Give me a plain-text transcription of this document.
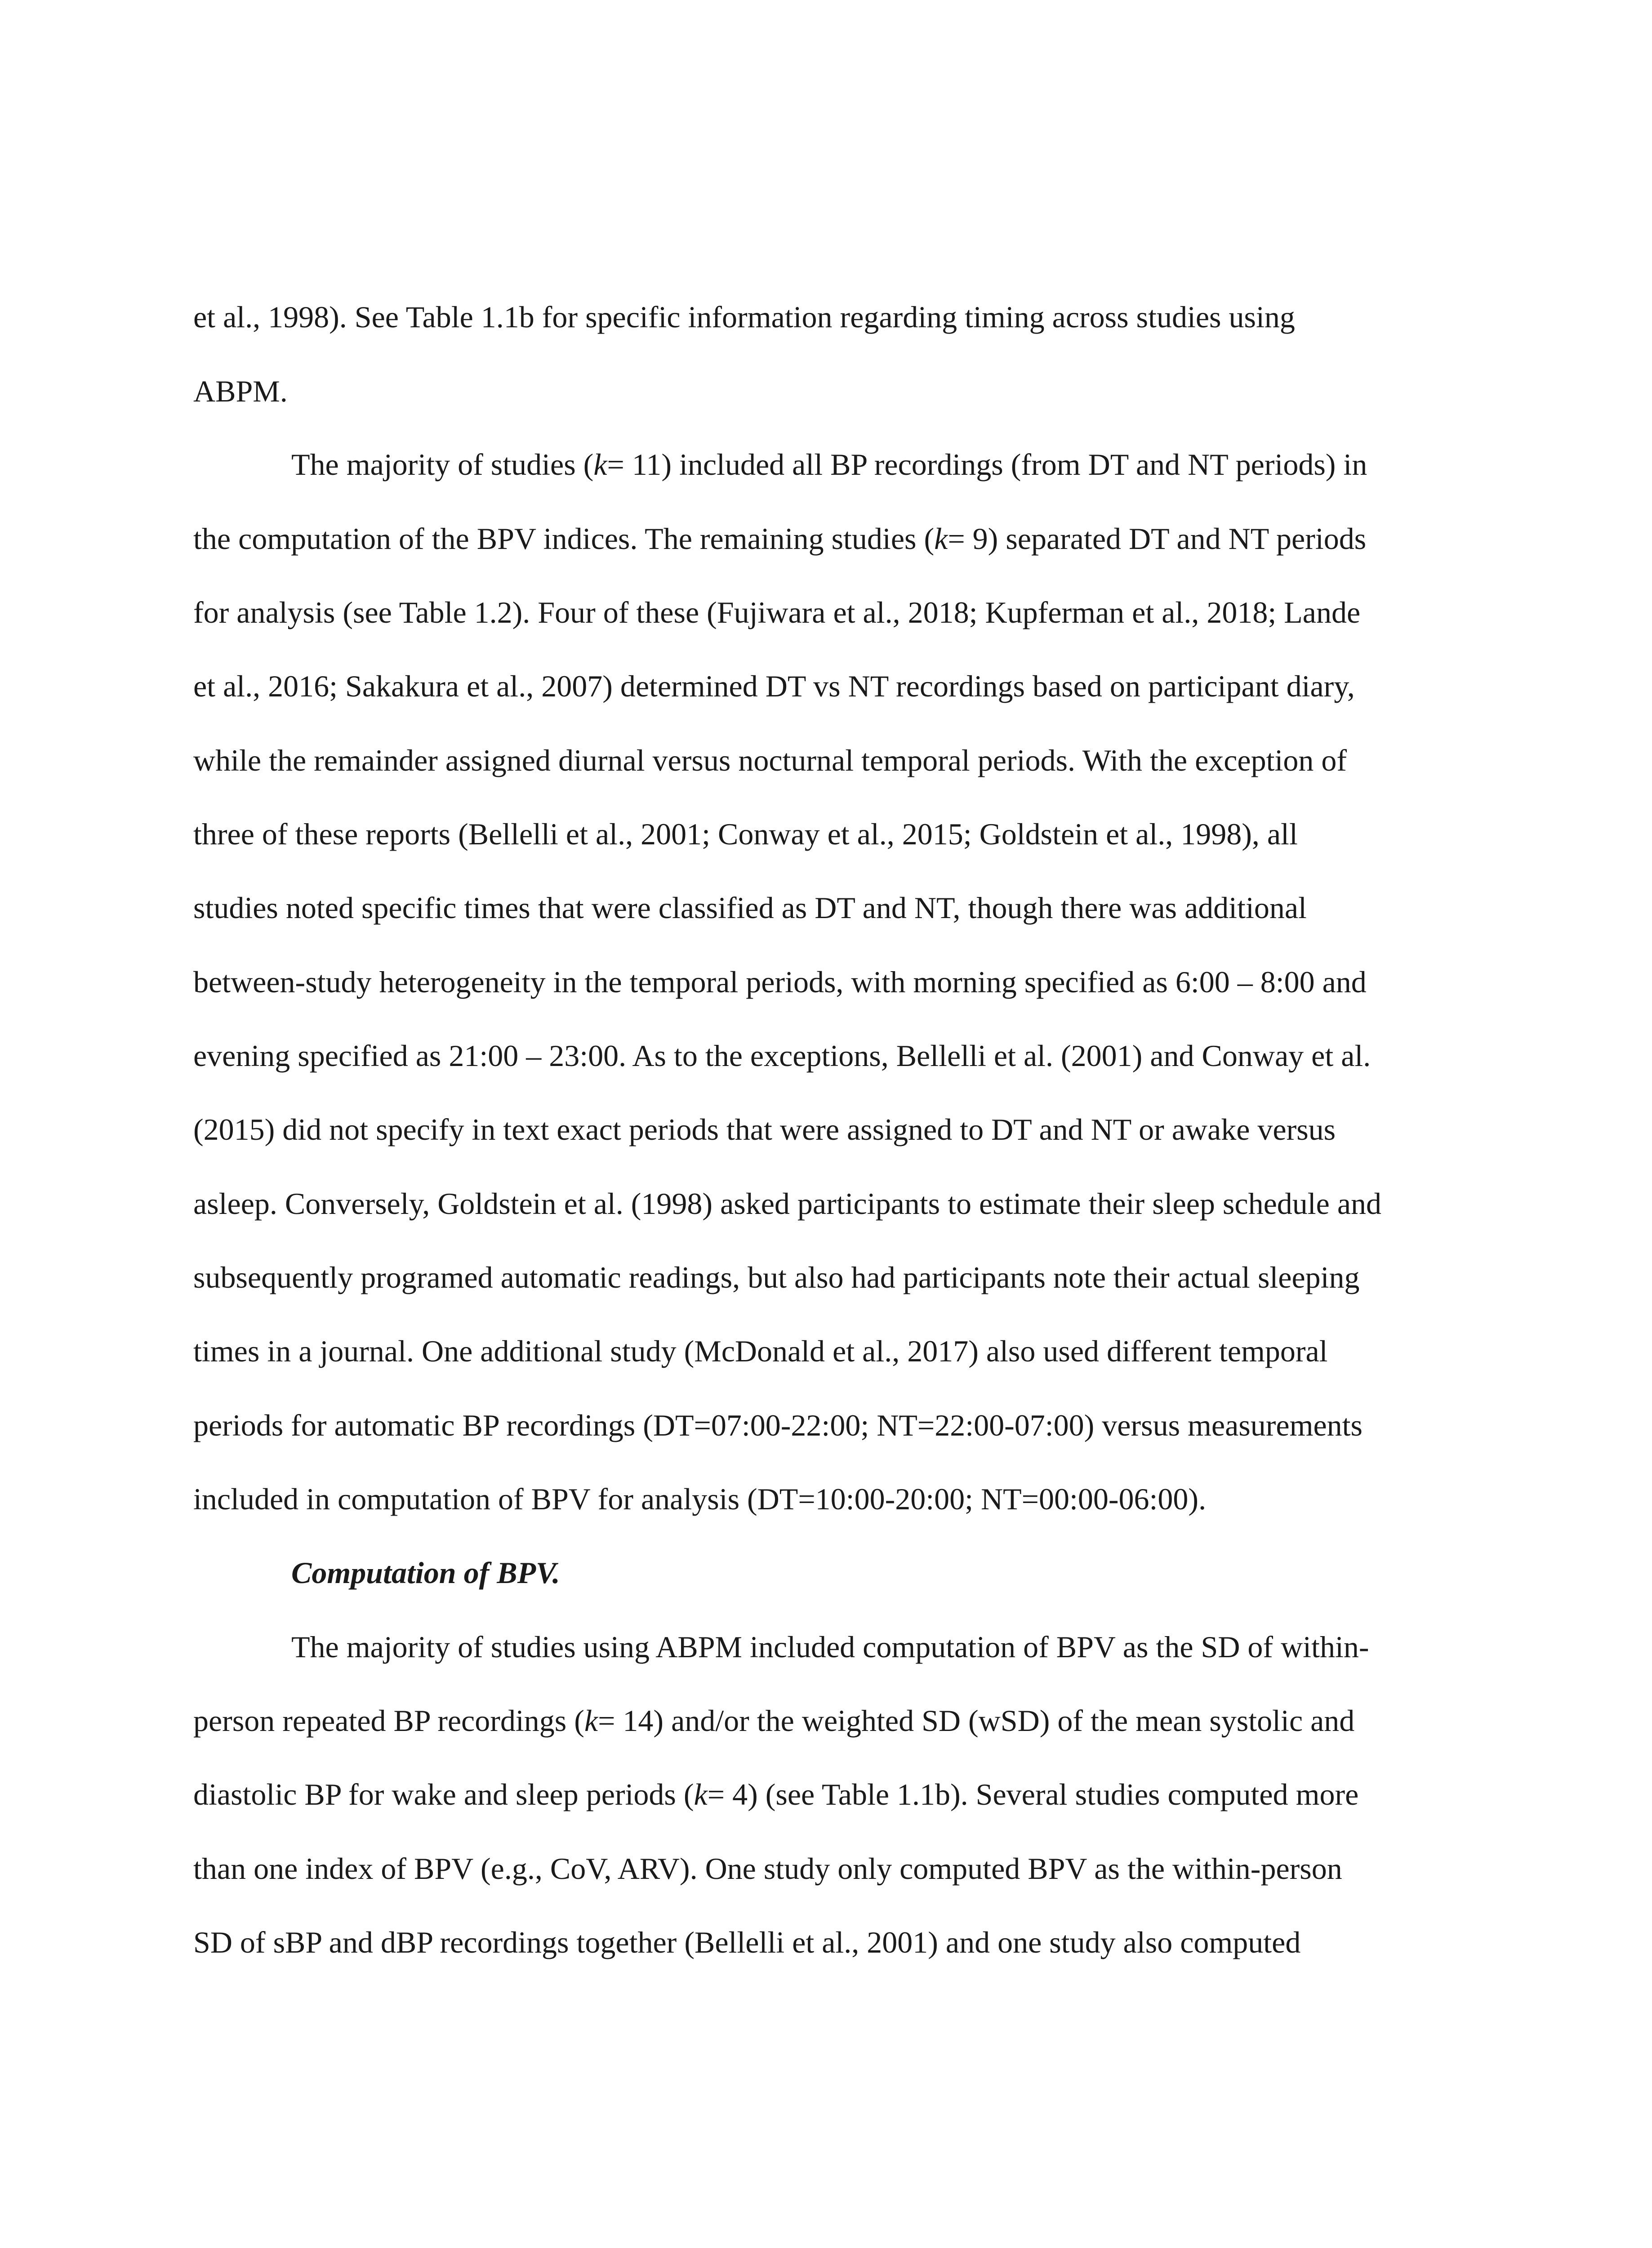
et al., 1998). See Table 1.1b for specific information regarding timing across studies using
ABPM.
The majority of studies (k= 11) included all BP recordings (from DT and NT periods) in
the computation of the BPV indices. The remaining studies (k= 9) separated DT and NT periods
for analysis (see Table 1.2). Four of these (Fujiwara et al., 2018; Kupferman et al., 2018; Lande
et al., 2016; Sakakura et al., 2007) determined DT vs NT recordings based on participant diary,
while the remainder assigned diurnal versus nocturnal temporal periods. With the exception of
three of these reports (Bellelli et al., 2001; Conway et al., 2015; Goldstein et al., 1998), all
studies noted specific times that were classified as DT and NT, though there was additional
between-study heterogeneity in the temporal periods, with morning specified as 6:00 – 8:00 and
evening specified as 21:00 – 23:00. As to the exceptions, Bellelli et al. (2001) and Conway et al.
(2015) did not specify in text exact periods that were assigned to DT and NT or awake versus
asleep. Conversely, Goldstein et al. (1998) asked participants to estimate their sleep schedule and
subsequently programed automatic readings, but also had participants note their actual sleeping
times in a journal. One additional study (McDonald et al., 2017) also used different temporal
periods for automatic BP recordings (DT=07:00-22:00; NT=22:00-07:00) versus measurements
included in computation of BPV for analysis (DT=10:00-20:00; NT=00:00-06:00).
Computation of BPV.
The majority of studies using ABPM included computation of BPV as the SD of within-
person repeated BP recordings (k= 14) and/or the weighted SD (wSD) of the mean systolic and
diastolic BP for wake and sleep periods (k= 4) (see Table 1.1b). Several studies computed more
than one index of BPV (e.g., CoV, ARV). One study only computed BPV as the within-person
SD of sBP and dBP recordings together (Bellelli et al., 2001) and one study also computed
